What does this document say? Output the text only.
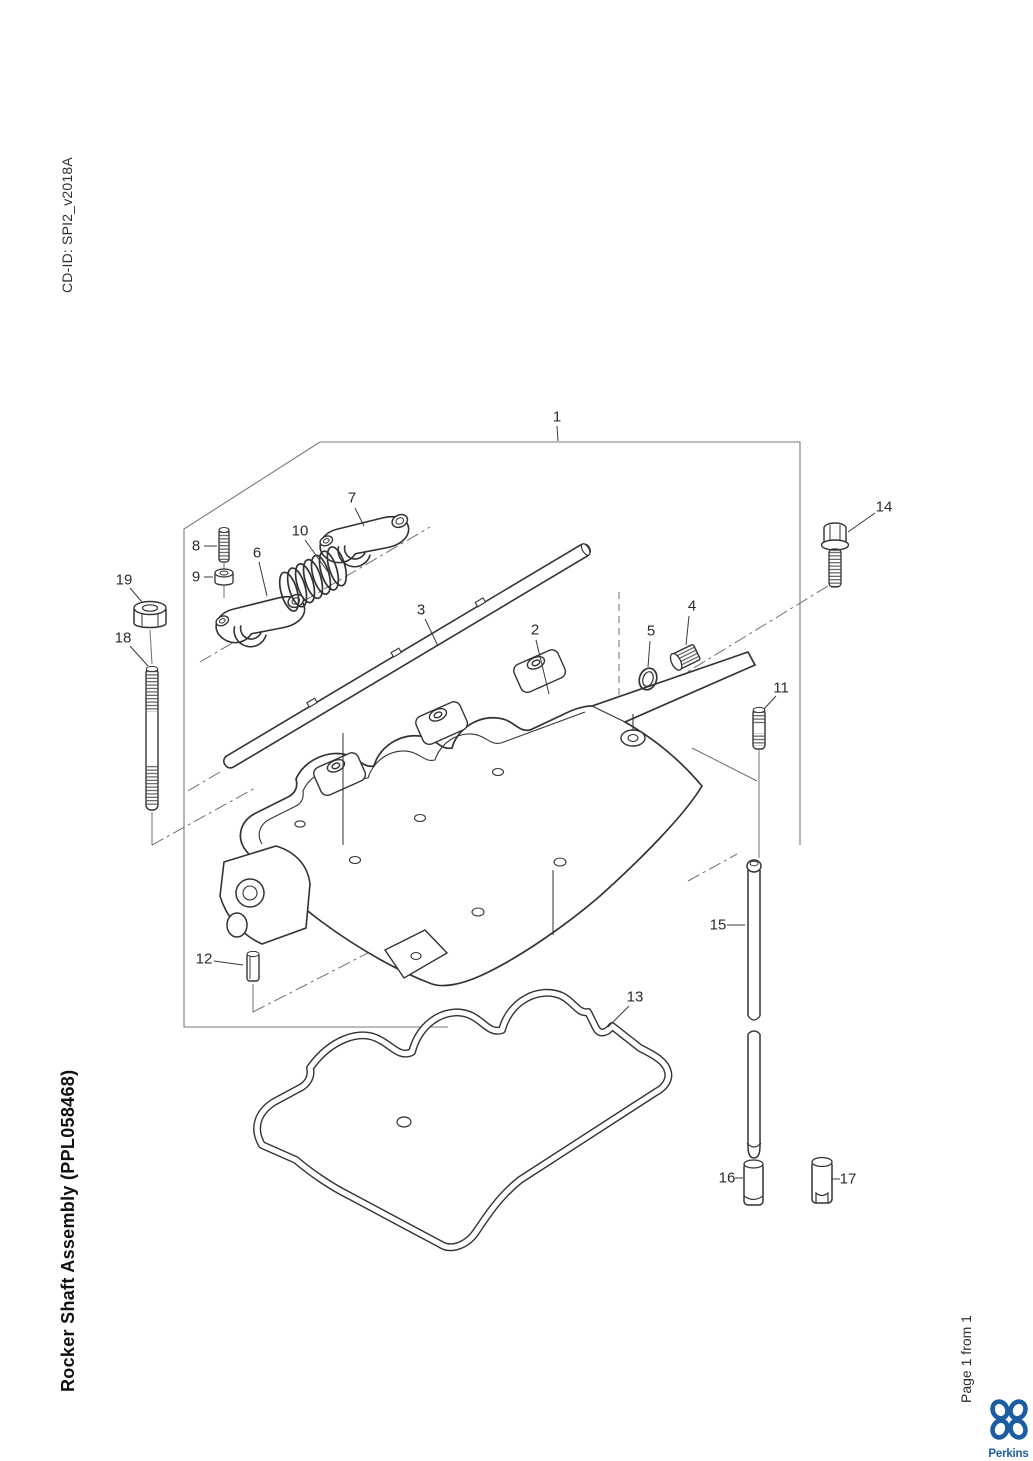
CD-ID: SPI2_v2018A
Rocker Shaft Assembly (PPL058468)	Page 1 from 1
1
2
3	4
5
6
7
8
9
10
11
12
13
14
15
16	17
18
19
Perkins
